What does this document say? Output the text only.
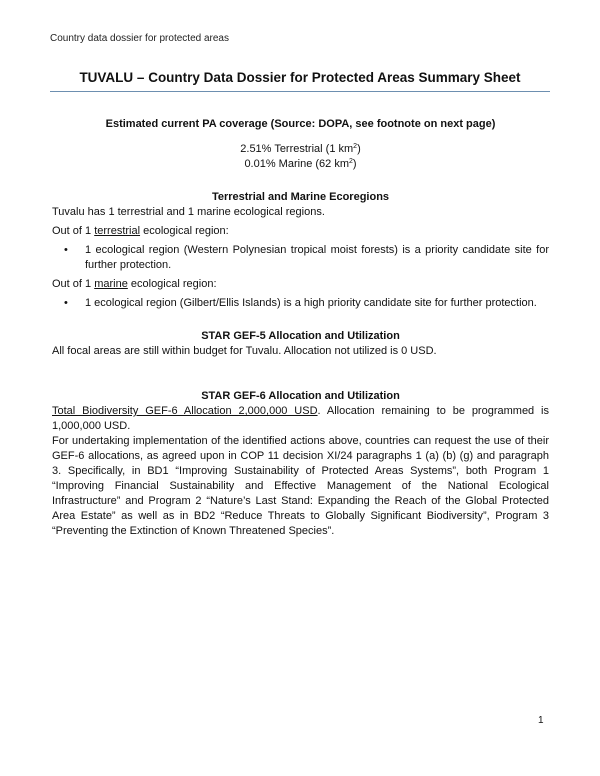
Country data dossier for protected areas
TUVALU – Country Data Dossier for Protected Areas Summary Sheet
Estimated current PA coverage (Source: DOPA, see footnote on next page)
2.51% Terrestrial (1 $km^2$)
0.01% Marine (62 $km^2$)
Terrestrial and Marine Ecoregions
Tuvalu has 1 terrestrial and 1 marine ecological regions.
Out of 1 terrestrial ecological region:
• 1 ecological region (Western Polynesian tropical moist forests) is a priority candidate site for further protection.
Out of 1 marine ecological region:
• 1 ecological region (Gilbert/Ellis Islands) is a high priority candidate site for further protection.
STAR GEF-5 Allocation and Utilization
All focal areas are still within budget for Tuvalu. Allocation not utilized is 0 USD.
STAR GEF-6 Allocation and Utilization
Total Biodiversity GEF-6 Allocation 2,000,000 USD. Allocation remaining to be programmed is 1,000,000 USD.
For undertaking implementation of the identified actions above, countries can request the use of their GEF-6 allocations, as agreed upon in COP 11 decision XI/24 paragraphs 1 (a) (b) (g) and paragraph 3. Specifically, in BD1 “Improving Sustainability of Protected Areas Systems”, both Program 1 “Improving Financial Sustainability and Effective Management of the National Ecological Infrastructure” and Program 2 “Nature’s Last Stand: Expanding the Reach of the Global Protected Area Estate” as well as in BD2 “Reduce Threats to Globally Significant Biodiversity”, Program 3 “Preventing the Extinction of Known Threatened Species”.
1
